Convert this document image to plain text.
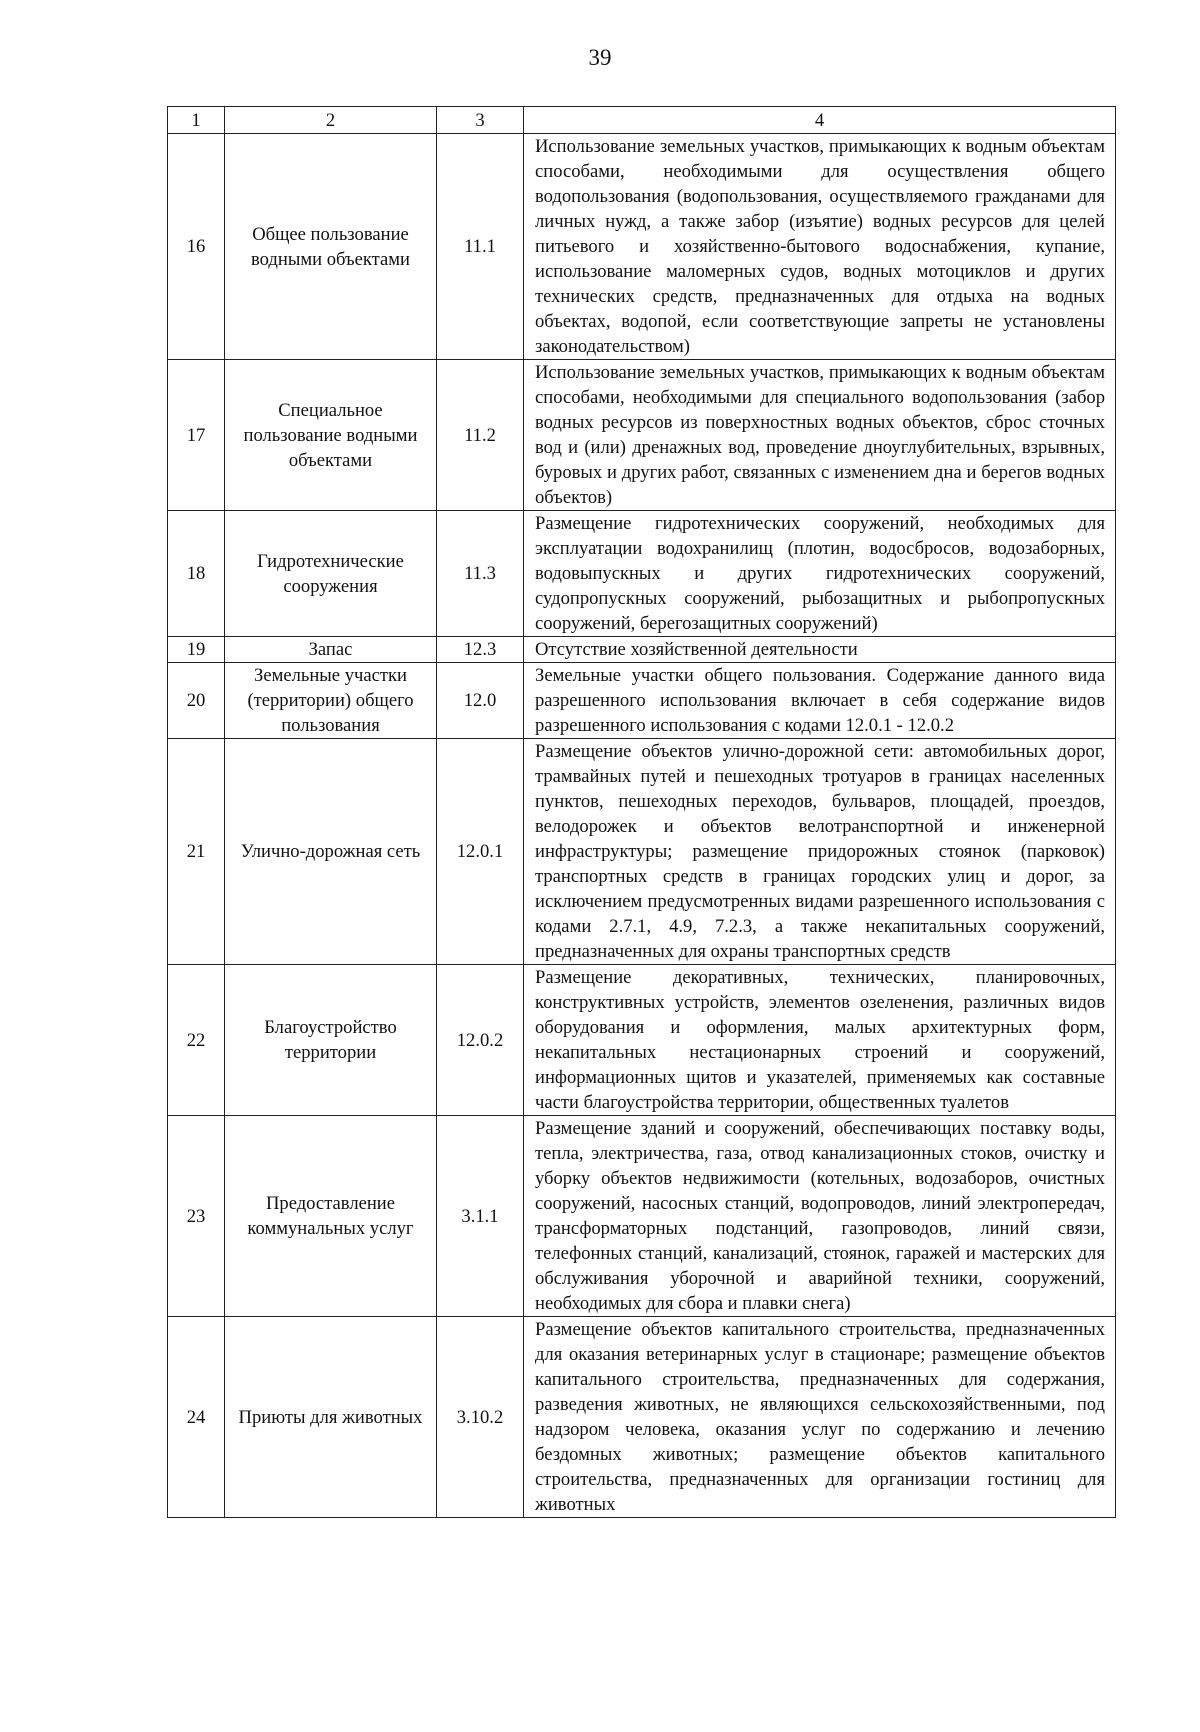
39
1	2	3	4
16	Общее пользование водными объектами	11.1	Использование земельных участков, примыкающих к водным объектам способами, необходимыми для осуществления общего водопользования (водопользования, осуществляемого гражданами для личных нужд, а также забор (изъятие) водных ресурсов для целей питьевого и хозяйственно-бытового водоснабжения, купание, использование маломерных судов, водных мотоциклов и других технических средств, предназначенных для отдыха на водных объектах, водопой, если соответствующие запреты не установлены законодательством)
17	Специальное пользование водными объектами	11.2	Использование земельных участков, примыкающих к водным объектам способами, необходимыми для специального водопользования (забор водных ресурсов из поверхностных водных объектов, сброс сточных вод и (или) дренажных вод, проведение дноуглубительных, взрывных, буровых и других работ, связанных с изменением дна и берегов водных объектов)
18	Гидротехнические сооружения	11.3	Размещение гидротехнических сооружений, необходимых для эксплуатации водохранилищ (плотин, водосбросов, водозаборных, водовыпускных и других гидротехнических сооружений, судопропускных сооружений, рыбозащитных и рыбопропускных сооружений, берегозащитных сооружений)
19	Запас	12.3	Отсутствие хозяйственной деятельности
20	Земельные участки (территории) общего пользования	12.0	Земельные участки общего пользования. Содержание данного вида разрешенного использования включает в себя содержание видов разрешенного использования с кодами 12.0.1 - 12.0.2
21	Улично-дорожная сеть	12.0.1	Размещение объектов улично-дорожной сети: автомобильных дорог, трамвайных путей и пешеходных тротуаров в границах населенных пунктов, пешеходных переходов, бульваров, площадей, проездов, велодорожек и объектов велотранспортной и инженерной инфраструктуры; размещение придорожных стоянок (парковок) транспортных средств в границах городских улиц и дорог, за исключением предусмотренных видами разрешенного использования с кодами 2.7.1, 4.9, 7.2.3, а также некапитальных сооружений, предназначенных для охраны транспортных средств
22	Благоустройство территории	12.0.2	Размещение декоративных, технических, планировочных, конструктивных устройств, элементов озеленения, различных видов оборудования и оформления, малых архитектурных форм, некапитальных нестационарных строений и сооружений, информационных щитов и указателей, применяемых как составные части благоустройства территории, общественных туалетов
23	Предоставление коммунальных услуг	3.1.1	Размещение зданий и сооружений, обеспечивающих поставку воды, тепла, электричества, газа, отвод канализационных стоков, очистку и уборку объектов недвижимости (котельных, водозаборов, очистных сооружений, насосных станций, водопроводов, линий электропередач, трансформаторных подстанций, газопроводов, линий связи, телефонных станций, канализаций, стоянок, гаражей и мастерских для обслуживания уборочной и аварийной техники, сооружений, необходимых для сбора и плавки снега)
24	Приюты для животных	3.10.2	Размещение объектов капитального строительства, предназначенных для оказания ветеринарных услуг в стационаре; размещение объектов капитального строительства, предназначенных для содержания, разведения животных, не являющихся сельскохозяйственными, под надзором человека, оказания услуг по содержанию и лечению бездомных животных; размещение объектов капитального строительства, предназначенных для организации гостиниц для животных
